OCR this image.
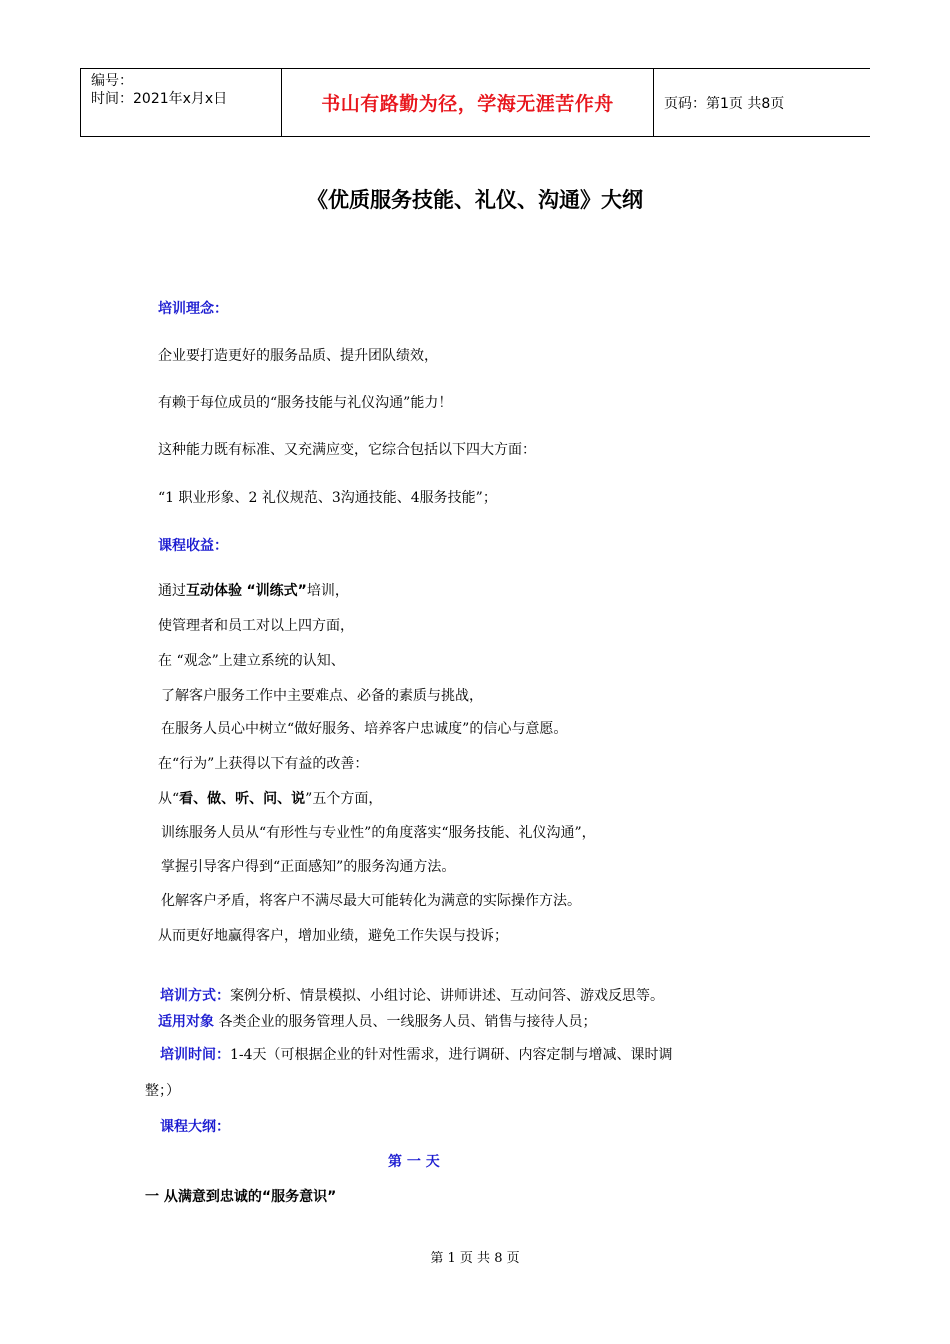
编号：
时间：2021年x月x日	书山有路勤为径，学海无涯苦作舟	页码：第1页 共8页
《优质服务技能、礼仪、沟通》大纲
培训理念：
企业要打造更好的服务品质、提升团队绩效，
有赖于每位成员的“服务技能与礼仪沟通”能力！
这种能力既有标准、又充满应变，它综合包括以下四大方面：
“1 职业形象、2 礼仪规范、3沟通技能、4服务技能”；
课程收益：
通过互动体验 “训练式”培训，
使管理者和员工对以上四方面，
在 “观念”上建立系统的认知、
了解客户服务工作中主要难点、必备的素质与挑战，
在服务人员心中树立“做好服务、培养客户忠诚度”的信心与意愿。
在“行为”上获得以下有益的改善：
从“看、做、听、问、说”五个方面，
训练服务人员从“有形性与专业性”的角度落实“服务技能、礼仪沟通”，
掌握引导客户得到“正面感知”的服务沟通方法。
化解客户矛盾，将客户不满尽最大可能转化为满意的实际操作方法。
从而更好地赢得客户，增加业绩，避免工作失误与投诉；
培训方式：案例分析、情景模拟、小组讨论、讲师讲述、互动问答、游戏反思等。
适用对象 各类企业的服务管理人员、一线服务人员、销售与接待人员；
培训时间：1-4天（可根据企业的针对性需求，进行调研、内容定制与增减、课时调
整；）
课程大纲：
第 一 天
一 从满意到忠诚的“服务意识”
第 1 页 共 8 页
